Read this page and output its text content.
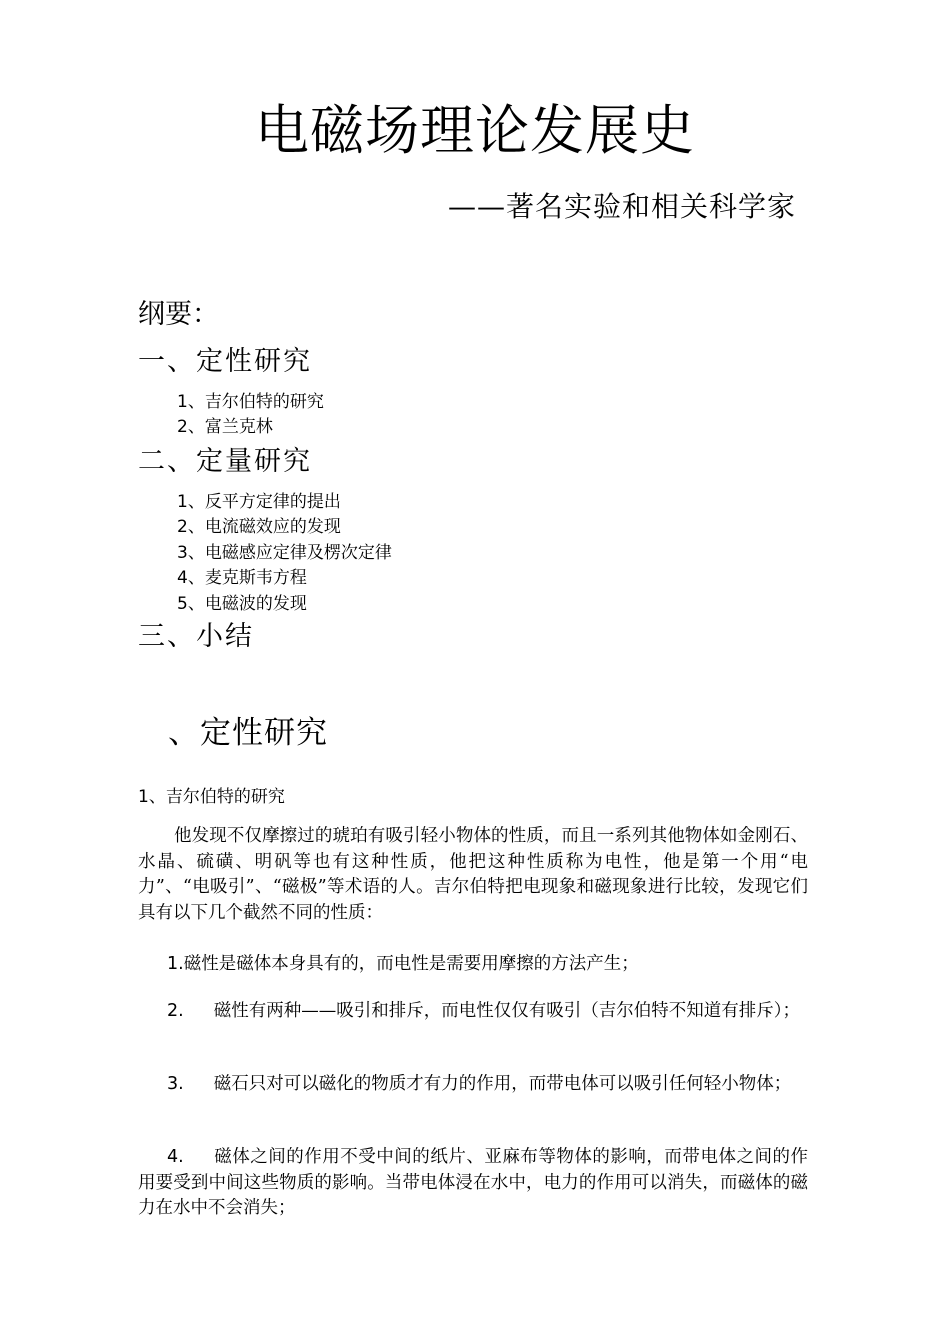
电磁场理论发展史
——著名实验和相关科学家
纲要：
一、定性研究
1、吉尔伯特的研究
2、富兰克林
二、定量研究
1、反平方定律的提出
2、电流磁效应的发现
3、电磁感应定律及楞次定律
4、麦克斯韦方程
5、电磁波的发现
三、小结
、定性研究
1、吉尔伯特的研究

他发现不仅摩擦过的琥珀有吸引轻小物体的性质，而且一系列其他物体如金刚石、水晶、硫磺、明矾等也有这种性质，他把这种性质称为电性，他是第一个用“电力”、“电吸引”、“磁极”等术语的人。吉尔伯特把电现象和磁现象进行比较，发现它们具有以下几个截然不同的性质：

1.磁性是磁体本身具有的，而电性是需要用摩擦的方法产生；

2. 磁性有两种——吸引和排斥，而电性仅仅有吸引（吉尔伯特不知道有排斥）；

3. 磁石只对可以磁化的物质才有力的作用，而带电体可以吸引任何轻小物体；

4. 磁体之间的作用不受中间的纸片、亚麻布等物体的影响，而带电体之间的作用要受到中间这些物质的影响。当带电体浸在水中，电力的作用可以消失，而磁体的磁力在水中不会消失；
